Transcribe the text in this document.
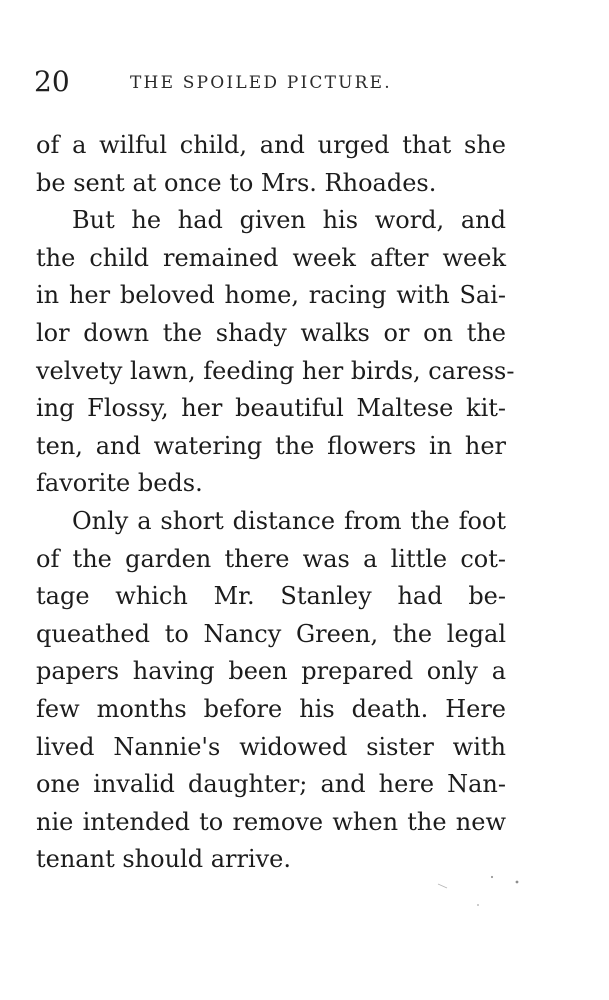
20	THE SPOILED PICTURE.
of a wilful child, and urged that she
be sent at once to Mrs. Rhoades.
But he had given his word, and
the child remained week after week
in her beloved home, racing with Sai-
lor down the shady walks or on the
velvety lawn, feeding her birds, caress-
ing Flossy, her beautiful Maltese kit-
ten, and watering the flowers in her
favorite beds.
Only a short distance from the foot
of the garden there was a little cot-
tage which Mr. Stanley had be-
queathed to Nancy Green, the legal
papers having been prepared only a
few months before his death. Here
lived Nannie's widowed sister with
one invalid daughter; and here Nan-
nie intended to remove when the new
tenant should arrive.
